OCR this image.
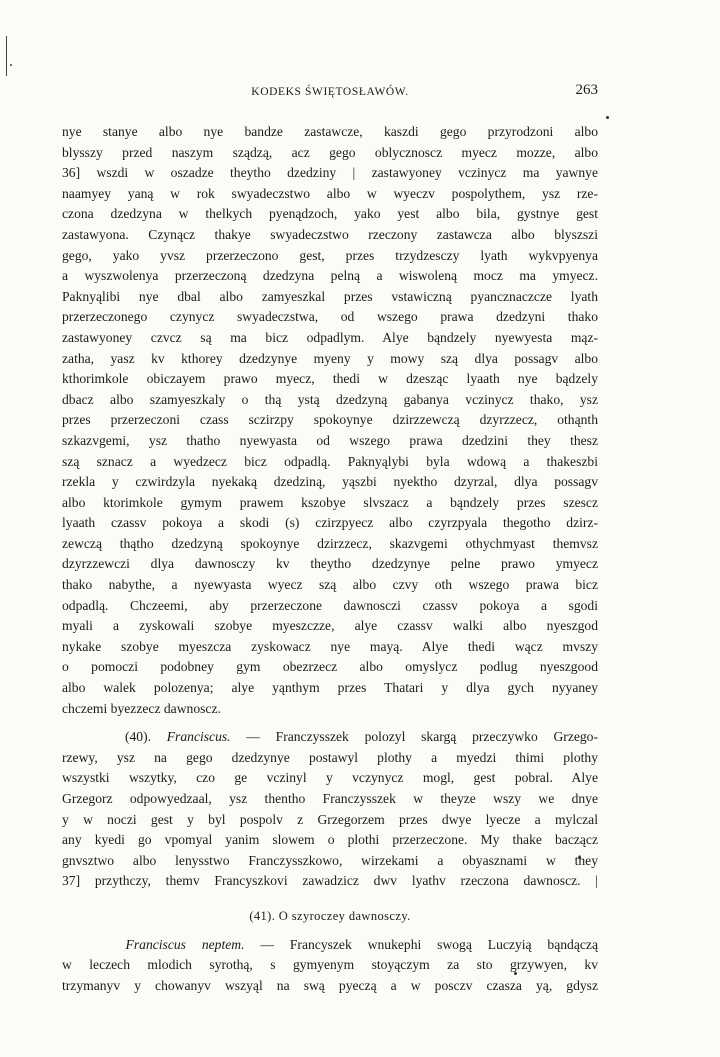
KODEKS ŚWIĘTOSŁAWÓW.	263
nye stanye albo nye bandze zastawcze, kaszdi gego przyrodzoni albo
blysszy przed naszym sządzą, acz gego oblycznoscz myecz mozze, albo
36] wszdi w oszadze theytho dzedziny | zastawyoney vczinycz ma yawnye
naamyey yaną w rok swyadeczstwo albo w wyeczv pospolythem, ysz rze-
czona dzedzyna w thelkych pyenądzoch, yako yest albo bila, gystnye gest
zastawyona. Czynącz thakye swyadeczstwo rzeczony zastawcza albo blyszszi
gego, yako yvsz przerzeczono gest, przes trzydzesczy lyath wykvpyenya
a wyszwolenya przerzeczoną dzedzyna pelną a wiswoleną mocz ma ymyecz.
Paknyąlibi nye dbal albo zamyeszkal przes vstawiczną pyancznaczcze lyath
przerzeczonego czynycz swyadeczstwa, od wszego prawa dzedzyni thako
zastawyoney czvcz są ma bicz odpadlym. Alye bąndzely nyewyesta mąz-
zatha, yasz kv kthorey dzedzynye myeny y mowy szą dlya possagv albo
kthorimkole obiczayem prawo myecz, thedi w dzesząc lyaath nye bądzely
dbacz albo szamyeszkaly o thą ystą dzedzyną gabanya vczinycz thako, ysz
przes przerzeczoni czass sczirzpy spokoynye dzirzzewczą dzyrzzecz, othąnth
szkazvgemi, ysz thatho nyewyasta od wszego prawa dzedzini they thesz
szą sznacz a wyedzecz bicz odpadlą. Paknyąlybi byla wdową a thakeszbi
rzekla y czwirdzyla nyekaką dzedziną, yąszbi nyektho dzyrzal, dlya possagv
albo ktorimkole gymym prawem kszobye slvszacz a bąndzely przes szescz
lyaath czassv pokoya a skodi (s) czirzpyecz albo czyrzpyala thegotho dzirz-
zewczą thątho dzedzyną spokoynye dzirzzecz, skazvgemi othychmyast themvsz
dzyrzzewczi dlya dawnosczy kv theytho dzedzynye pelne prawo ymyecz
thako nabythe, a nyewyasta wyecz szą albo czvy oth wszego prawa bicz
odpadlą. Chczeemi, aby przerzeczone dawnosczi czassv pokoya a sgodi
myali a zyskowali szobye myeszczze, alye czassv walki albo nyeszgod
nykake szobye myeszcza zyskowacz nye mayą. Alye thedi wącz mvszy
o pomoczi podobney gym obezrzecz albo omyslycz podlug nyeszgood
albo walek polozenya; alye yąnthym przes Thatari y dlya gych nyyaney
chczemi byezzecz dawnoscz.
(40). Franciscus. — Franczysszek polozyl skargą przeczywko Grzego-
rzewy, ysz na gego dzedzynye postawyl plothy a myedzi thimi plothy
wszystki wszytky, czo ge vczinyl y vczynycz mogl, gest pobral. Alye
Grzegorz odpowyedzaal, ysz thentho Franczysszek w theyze wszy we dnye
y w noczi gest y byl pospolv z Grzegorzem przes dwye lyecze a mylczal
any kyedi go vpomyal yanim slowem o plothi przerzeczone. My thake baczącz
gnvsztwo albo lenysstwo Franczysszkowo, wirzekami a obyasznami w they
37] przythczy, themv Francyszkovi zawadzicz dwv lyathv rzeczona dawnoscz. |
(41). O szyroczey dawnosczy.
Franciscus neptem. — Francyszek wnukephi swogą Luczyią bąndączą
w leczech mlodich syrothą, s gymyenym stoyączym za sto grzywyen, kv
trzymanyv y chowanyv wszyąl na swą pyeczą a w posczv czasza yą, gdysz
